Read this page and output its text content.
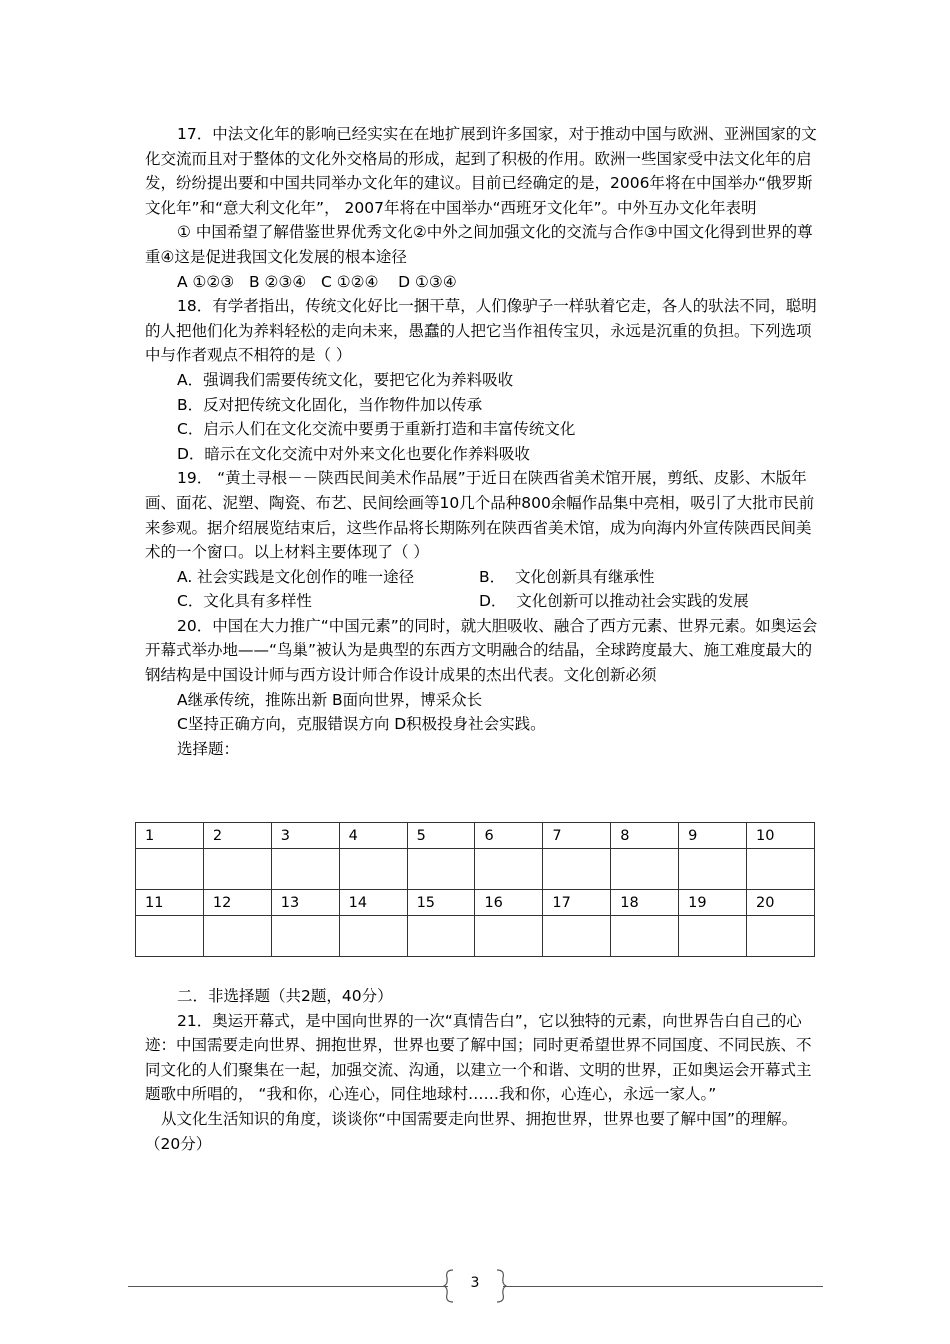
17．中法文化年的影响已经实实在在地扩展到许多国家，对于推动中国与欧洲、亚洲国家的文化交流而且对于整体的文化外交格局的形成，起到了积极的作用。欧洲一些国家受中法文化年的启发，纷纷提出要和中国共同举办文化年的建议。目前已经确定的是，2006年将在中国举办“俄罗斯文化年”和“意大利文化年”， 2007年将在中国举办“西班牙文化年”。中外互办文化年表明

① 中国希望了解借鉴世界优秀文化②中外之间加强文化的交流与合作③中国文化得到世界的尊重④这是促进我国文化发展的根本途径

A ①②③   B ②③④   C ①②④    D ①③④

18．有学者指出，传统文化好比一捆干草，人们像驴子一样驮着它走，各人的驮法不同，聪明的人把他们化为养料轻松的走向未来，愚蠢的人把它当作祖传宝贝，永远是沉重的负担。下列选项中与作者观点不相符的是（ ）

A．强调我们需要传统文化，要把它化为养料吸收

B．反对把传统文化固化，当作物件加以传承

C．启示人们在文化交流中要勇于重新打造和丰富传统文化

D．暗示在文化交流中对外来文化也要化作养料吸收

19． “黄土寻根－－陕西民间美术作品展”于近日在陕西省美术馆开展，剪纸、皮影、木版年画、面花、泥塑、陶瓷、布艺、民间绘画等10几个品种800余幅作品集中亮相，吸引了大批市民前来参观。据介绍展览结束后，这些作品将长期陈列在陕西省美术馆，成为向海内外宣传陕西民间美术的一个窗口。以上材料主要体现了（ ）

A. 社会实践是文化创作的唯一途径	B．  文化创新具有继承性
C．文化具有多样性	D．  文化创新可以推动社会实践的发展

20．中国在大力推广“中国元素”的同时，就大胆吸收、融合了西方元素、世界元素。如奥运会开幕式举办地——“鸟巢”被认为是典型的东西方文明融合的结晶，全球跨度最大、施工难度最大的钢结构是中国设计师与西方设计师合作设计成果的杰出代表。文化创新必须

A继承传统，推陈出新 B面向世界，博采众长

C坚持正确方向，克服错误方向 D积极投身社会实践。

选择题：

1	2	3	4	5	6	7	8	9	10

11	12	13	14	15	16	17	18	19	20

二．非选择题（共2题，40分）

21．奥运开幕式，是中国向世界的一次“真情告白”，它以独特的元素，向世界告白自己的心迹：中国需要走向世界、拥抱世界，世界也要了解中国；同时更希望世界不同国度、不同民族、不同文化的人们聚集在一起，加强交流、沟通，以建立一个和谐、文明的世界，正如奥运会开幕式主题歌中所唱的， “我和你，心连心，同住地球村……我和你，心连心，永远一家人。”

从文化生活知识的角度，谈谈你“中国需要走向世界、拥抱世界，世界也要了解中国”的理解。（20分）

3
